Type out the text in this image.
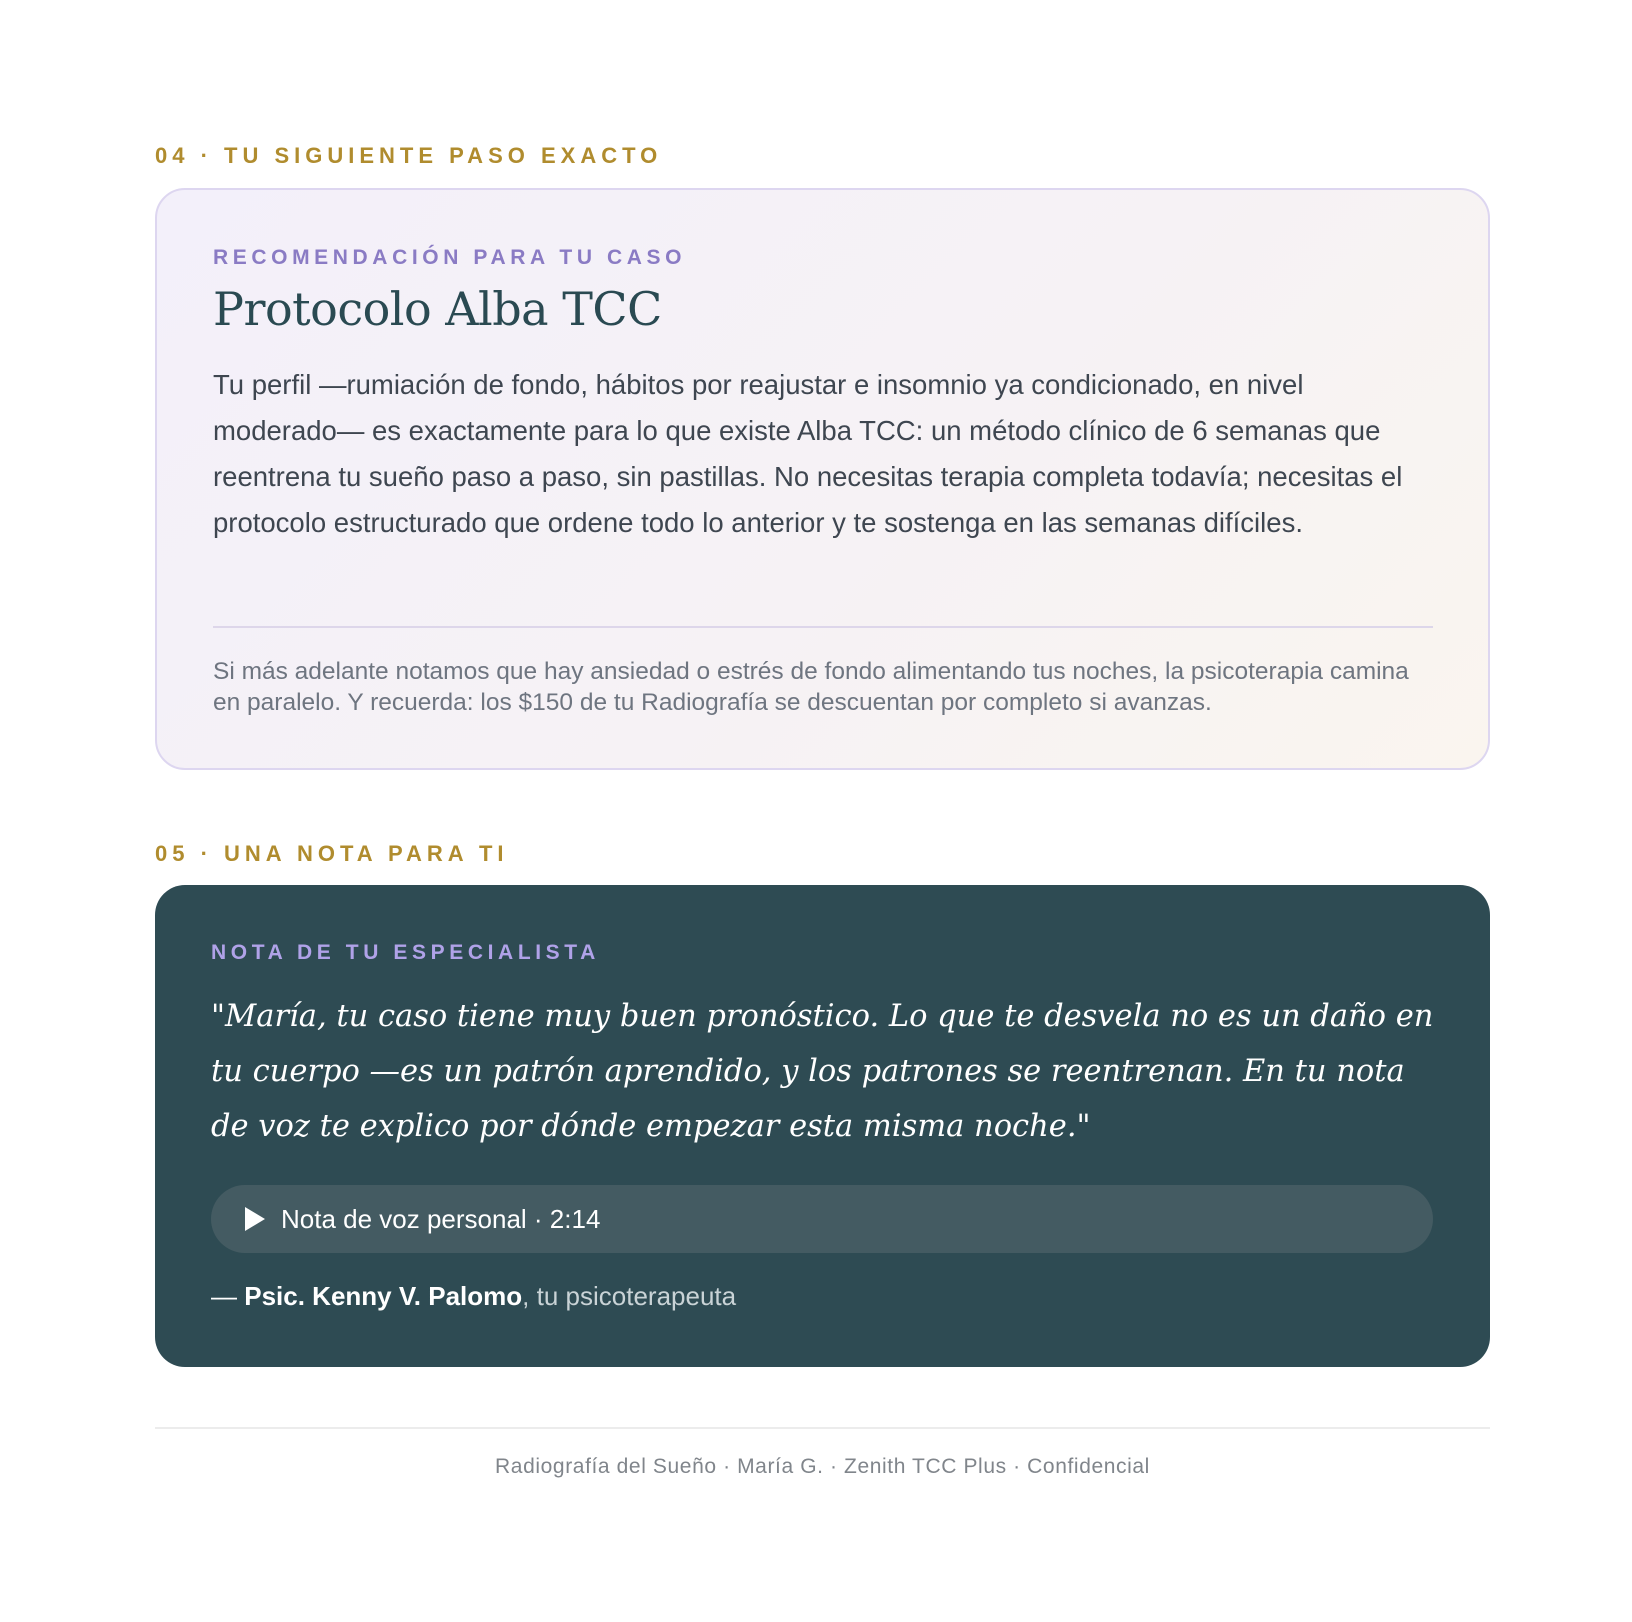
04 · TU SIGUIENTE PASO EXACTO
RECOMENDACIÓN PARA TU CASO
Protocolo Alba TCC

Tu perfil —rumiación de fondo, hábitos por reajustar e insomnio ya condicionado, en nivel moderado— es exactamente para lo que existe Alba TCC: un método clínico de 6 semanas que reentrena tu sueño paso a paso, sin pastillas. No necesitas terapia completa todavía; necesitas el protocolo estructurado que ordene todo lo anterior y te sostenga en las semanas difíciles.

Si más adelante notamos que hay ansiedad o estrés de fondo alimentando tus noches, la psicoterapia camina en paralelo. Y recuerda: los $150 de tu Radiografía se descuentan por completo si avanzas.

05 · UNA NOTA PARA TI
NOTA DE TU ESPECIALISTA

"María, tu caso tiene muy buen pronóstico. Lo que te desvela no es un daño en tu cuerpo —es un patrón aprendido, y los patrones se reentrenan. En tu nota de voz te explico por dónde empezar esta misma noche."

Nota de voz personal · 2:14
— Psic. Kenny V. Palomo, tu psicoterapeuta
Radiografía del Sueño · María G. · Zenith TCC Plus · Confidencial
